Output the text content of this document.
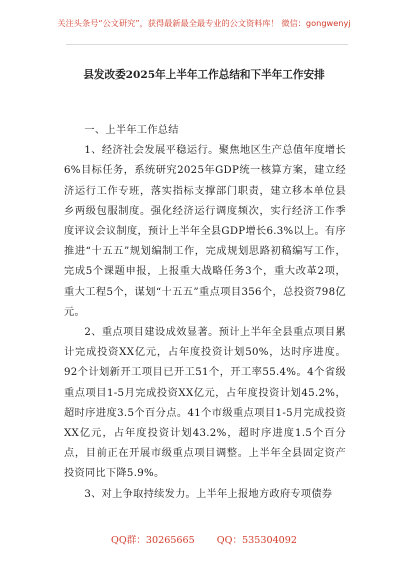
关注头条号“公文研究”，获得最新最全最专业的公文资料库！ 微信：gongwenyj
县发改委2025年上半年工作总结和下半年工作安排

一、上半年工作总结

1、经济社会发展平稳运行。聚焦地区生产总值年度增长6%目标任务，系统研究2025年GDP统一核算方案，建立经济运行工作专班，落实指标支撑部门职责，建立移本单位县乡两级包服制度。强化经济运行调度频次，实行经济工作季度评议会议制度，预计上半年全县GDP增长6.3%以上。有序推进“十五五”规划编制工作，完成规划思路初稿编写工作，完成5个课题申报，上报重大战略任务3个，重大改革2项，重大工程5个，谋划“十五五”重点项目356个，总投资798亿元。

2、重点项目建设成效显著。预计上半年全县重点项目累计完成投资XX亿元，占年度投资计划50%，达时序进度。92个计划新开工项目已开工51个，开工率55.4%。4个省级重点项目1-5月完成投资XX亿元，占年度投资计划45.2%，超时序进度3.5个百分点。41个市级重点项目1-5月完成投资XX亿元，占年度投资计划43.2%，超时序进度1.5个百分点，目前正在开展市级重点项目调整。上半年全县固定资产投资同比下降5.9%。

3、对上争取持续发力。上半年上报地方政府专项债券

QQ群：30265665 QQ：535304092
